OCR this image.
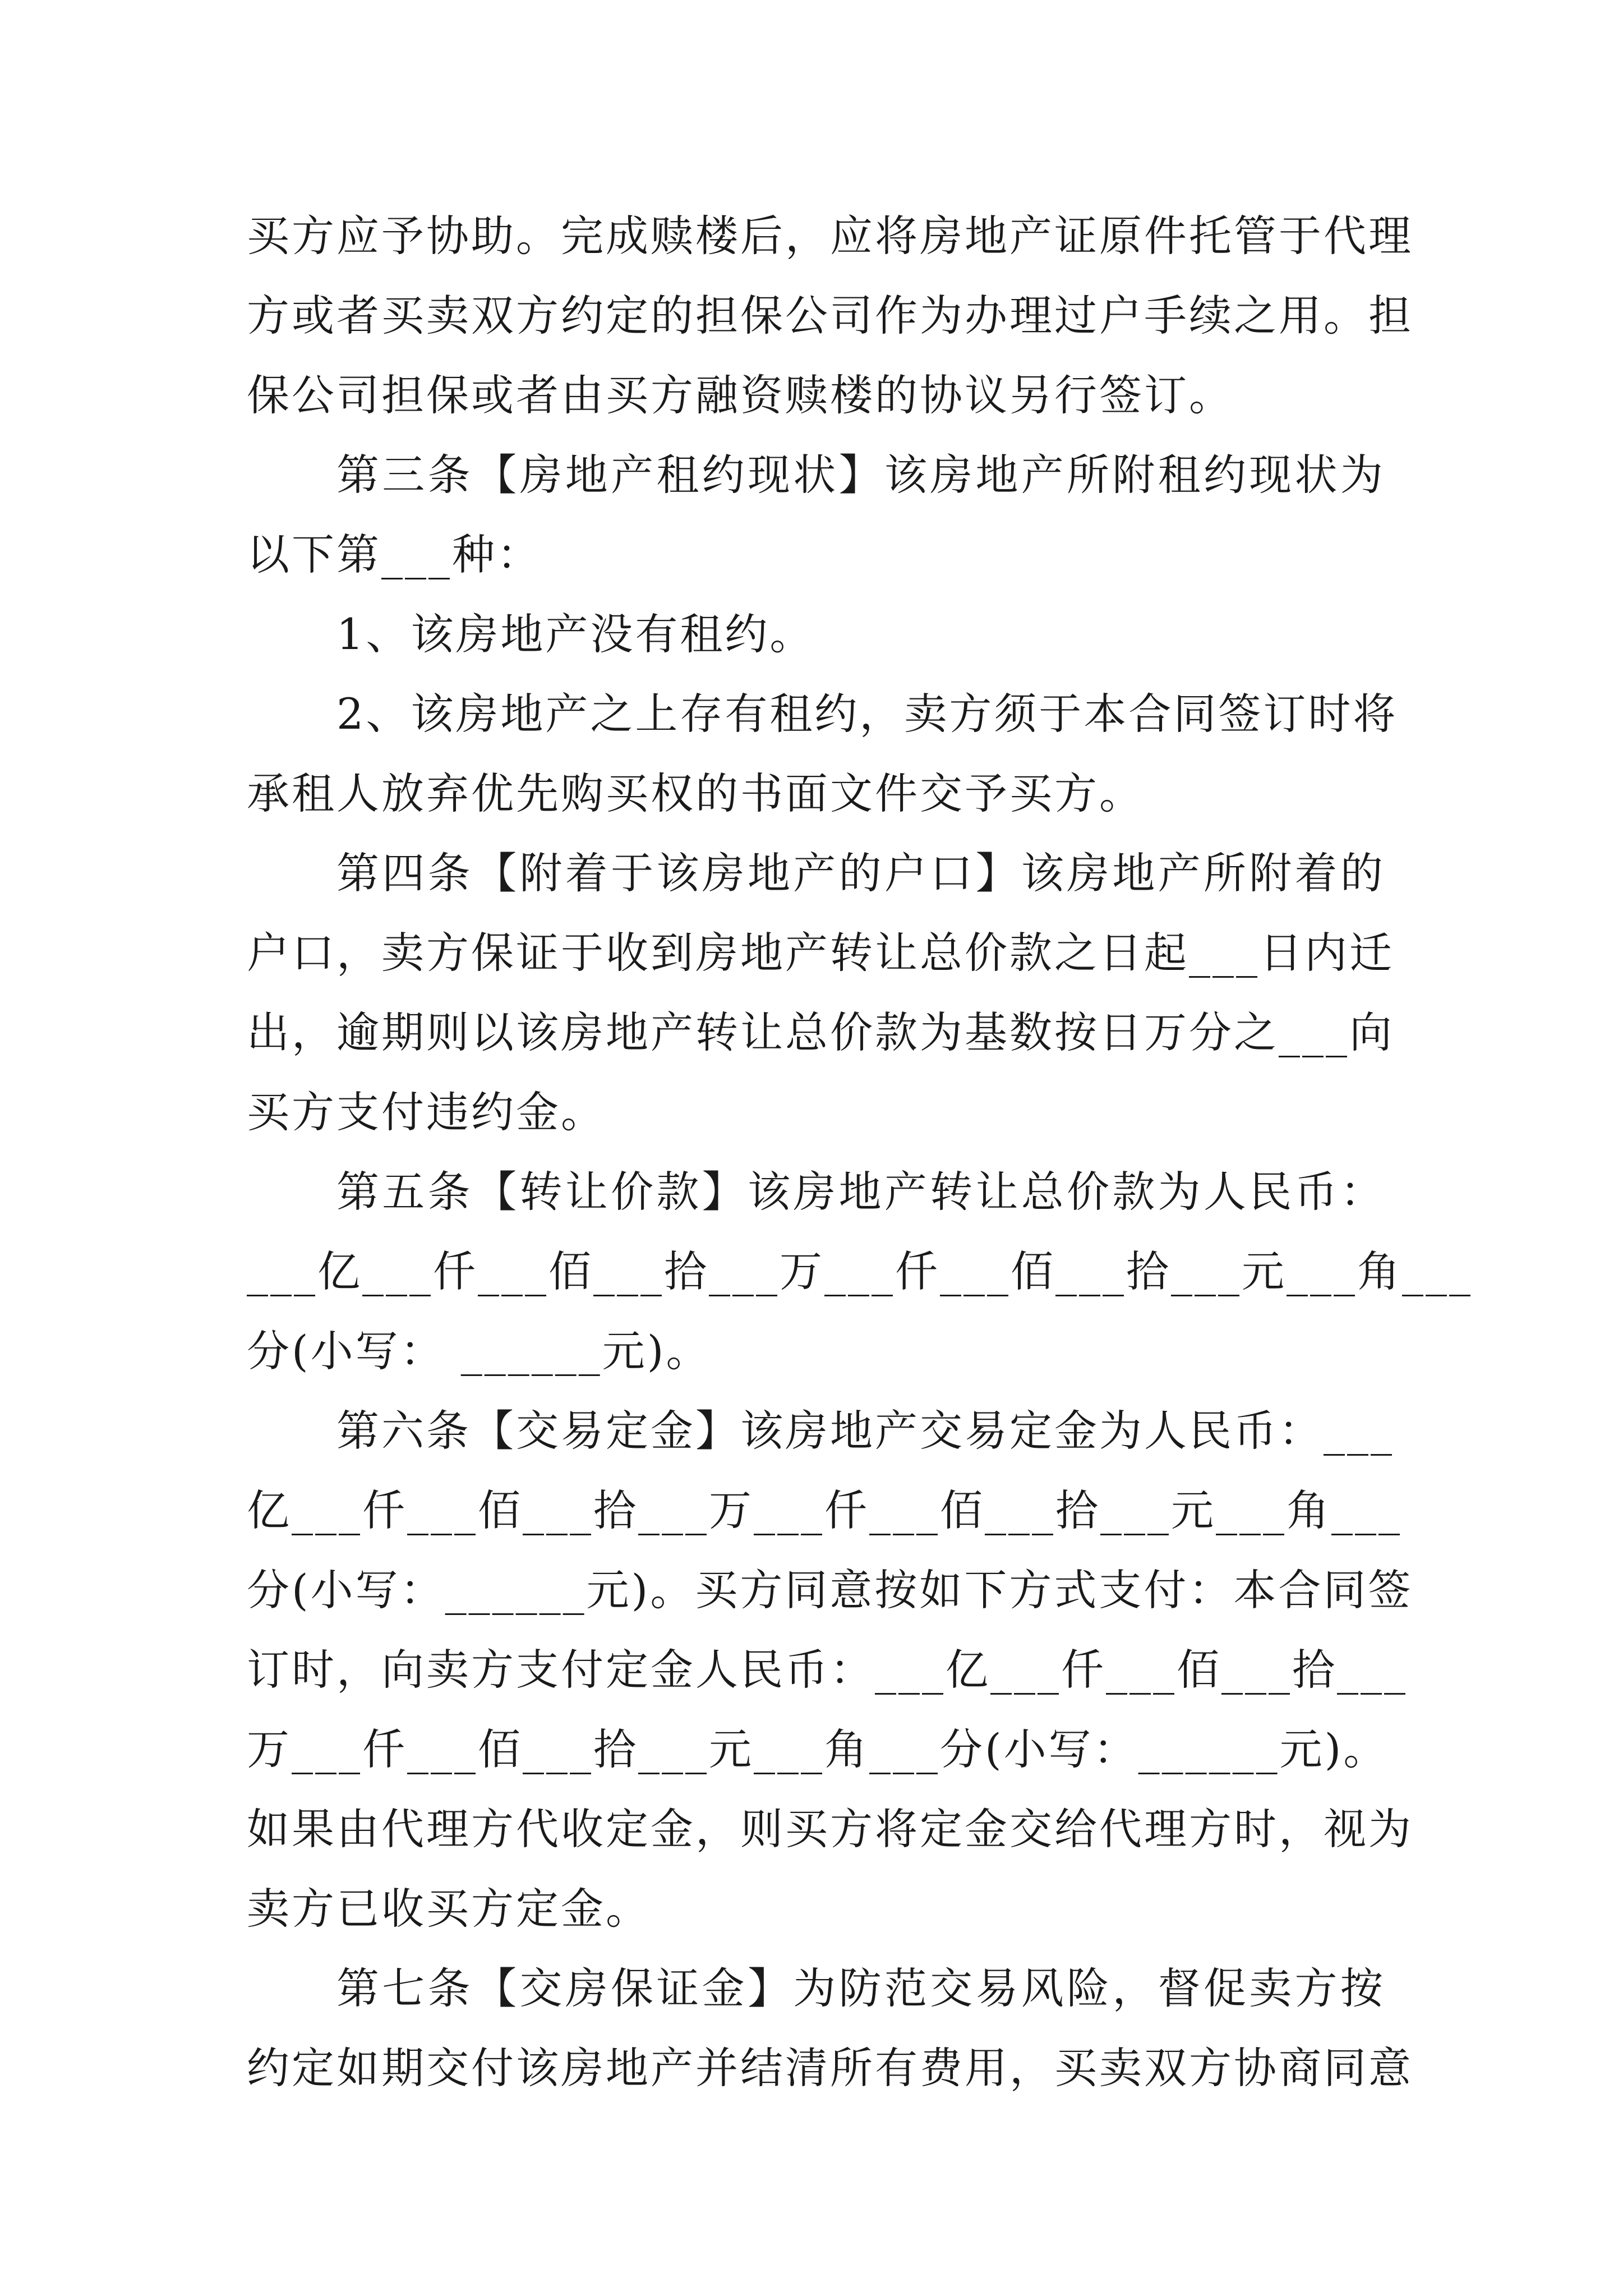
买 方 应 予 协 助 。 完 成 赎 楼 后 ， 应 将 房 地 产 证 原 件 托 管 于 代 理
方 或 者 买 卖 双 方 约 定 的 担 保 公 司 作 为 办 理 过 户 手 续 之 用 。 担
保公司担保或者由买方融资赎楼的协议另行签订。
第 三 条 【 房 地 产 租 约 现 状 】 该 房 地 产 所 附 租 约 现 状 为
以下第___种：
1、该房地产没有租约。
2 、 该 房 地 产 之 上 存 有 租 约 ， 卖 方 须 于 本 合 同 签 订 时 将
承租人放弃优先购买权的书面文件交予买方。
第 四 条 【 附 着 于 该 房 地 产 的 户 口 】 该 房 地 产 所 附 着 的
户 口 ， 卖 方 保 证 于 收 到 房 地 产 转 让 总 价 款 之 日 起 ___ 日 内 迁
出 ， 逾 期 则 以 该 房 地 产 转 让 总 价 款 为 基 数 按 日 万 分 之 ___ 向
买方支付违约金。
第 五 条 【 转 让 价 款 】 该 房 地 产 转 让 总 价 款 为 人 民 币 ：
___ 亿 ___ 仟 ___ 佰 ___ 拾 ___ 万 ___ 仟 ___ 佰 ___ 拾 ___ 元 ___ 角 ___
分(小写： ______元)。
第 六 条 【 交 易 定 金 】 该 房 地 产 交 易 定 金 为 人 民 币 ： ___
亿 ___ 仟 ___ 佰 ___ 拾 ___ 万 ___ 仟 ___ 佰 ___ 拾 ___ 元 ___ 角 ___
分 ( 小 写 ： ______ 元 ) 。 买 方 同 意 按 如 下 方 式 支 付 ： 本 合 同 签
订 时 ， 向 卖 方 支 付 定 金 人 民 币 ： ___ 亿 ___ 仟 ___ 佰 ___ 拾 ___
万 ___ 仟 ___ 佰 ___ 拾 ___ 元 ___ 角 ___ 分 ( 小 写 ： ______ 元 ) 。
如 果 由 代 理 方 代 收 定 金 ， 则 买 方 将 定 金 交 给 代 理 方 时 ， 视 为
卖方已收买方定金。
第 七 条 【 交 房 保 证 金 】 为 防 范 交 易 风 险 ， 督 促 卖 方 按
约 定 如 期 交 付 该 房 地 产 并 结 清 所 有 费 用 ， 买 卖 双 方 协 商 同 意
